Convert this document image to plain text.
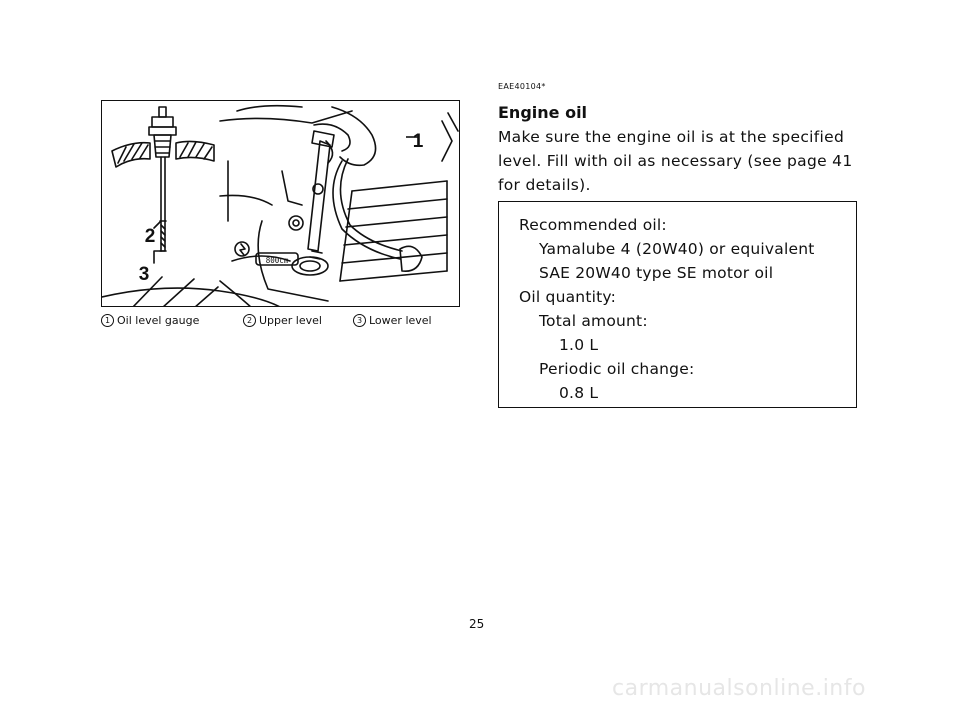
2
3
1
800cm
1 Oil level gauge	2 Upper level	3 Lower level
EAE40104*
Engine oil
Make sure the engine oil is at the specified level. Fill with oil as necessary (see page 41 for details).
Recommended oil:
Yamalube 4 (20W40) or equivalent
SAE 20W40 type SE motor oil
Oil quantity:
Total amount:
1.0 L
Periodic oil change:
0.8 L
25
carmanualsonline.info
